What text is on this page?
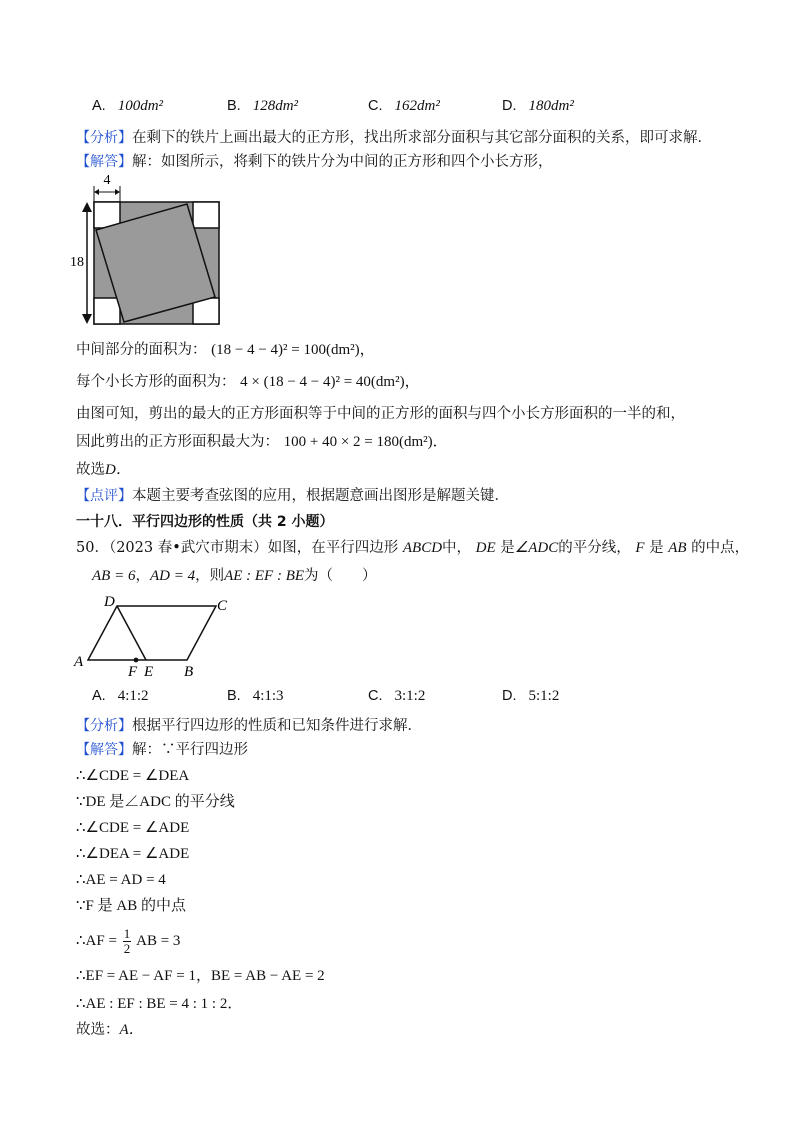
A. 100dm²	B. 128dm²	C. 162dm²	D. 180dm²
【分析】在剩下的铁片上画出最大的正方形，找出所求部分面积与其它部分面积的关系，即可求解．
【解答】解：如图所示，将剩下的铁片分为中间的正方形和四个小长方形，
4
18
中间部分的面积为： (18 − 4 − 4)² = 100(dm²)，
每个小长方形的面积为： 4 × (18 − 4 − 4)² = 40(dm²)，
由图可知，剪出的最大的正方形面积等于中间的正方形的面积与四个小长方形面积的一半的和，
因此剪出的正方形面积最大为： 100 + 40 × 2 = 180(dm²)．
故选D．
【点评】本题主要考查弦图的应用，根据题意画出图形是解题关键．
一十八．平行四边形的性质（共 2 小题）
50．（2023 春•武穴市期末）如图，在平行四边形 ABCD中， DE 是∠ADC的平分线， F 是 AB 的中点，
AB = 6，AD = 4，则AE : EF : BE为（　　）
A
D	C
B
E
F
A. 4:1:2	B. 4:1:3	C. 3:1:2	D. 5:1:2
【分析】根据平行四边形的性质和已知条件进行求解．
【解答】解：∵平行四边形
∴∠CDE = ∠DEA
∵DE 是∠ADC 的平分线
∴∠CDE = ∠ADE
∴∠DEA = ∠ADE
∴AE = AD = 4
∵F 是 AB 的中点
∴AF = $\frac{1}{2}$ AB = 3
∴EF = AE − AF = 1，BE = AB − AE = 2
∴AE : EF : BE = 4 : 1 : 2．
故选：A．
